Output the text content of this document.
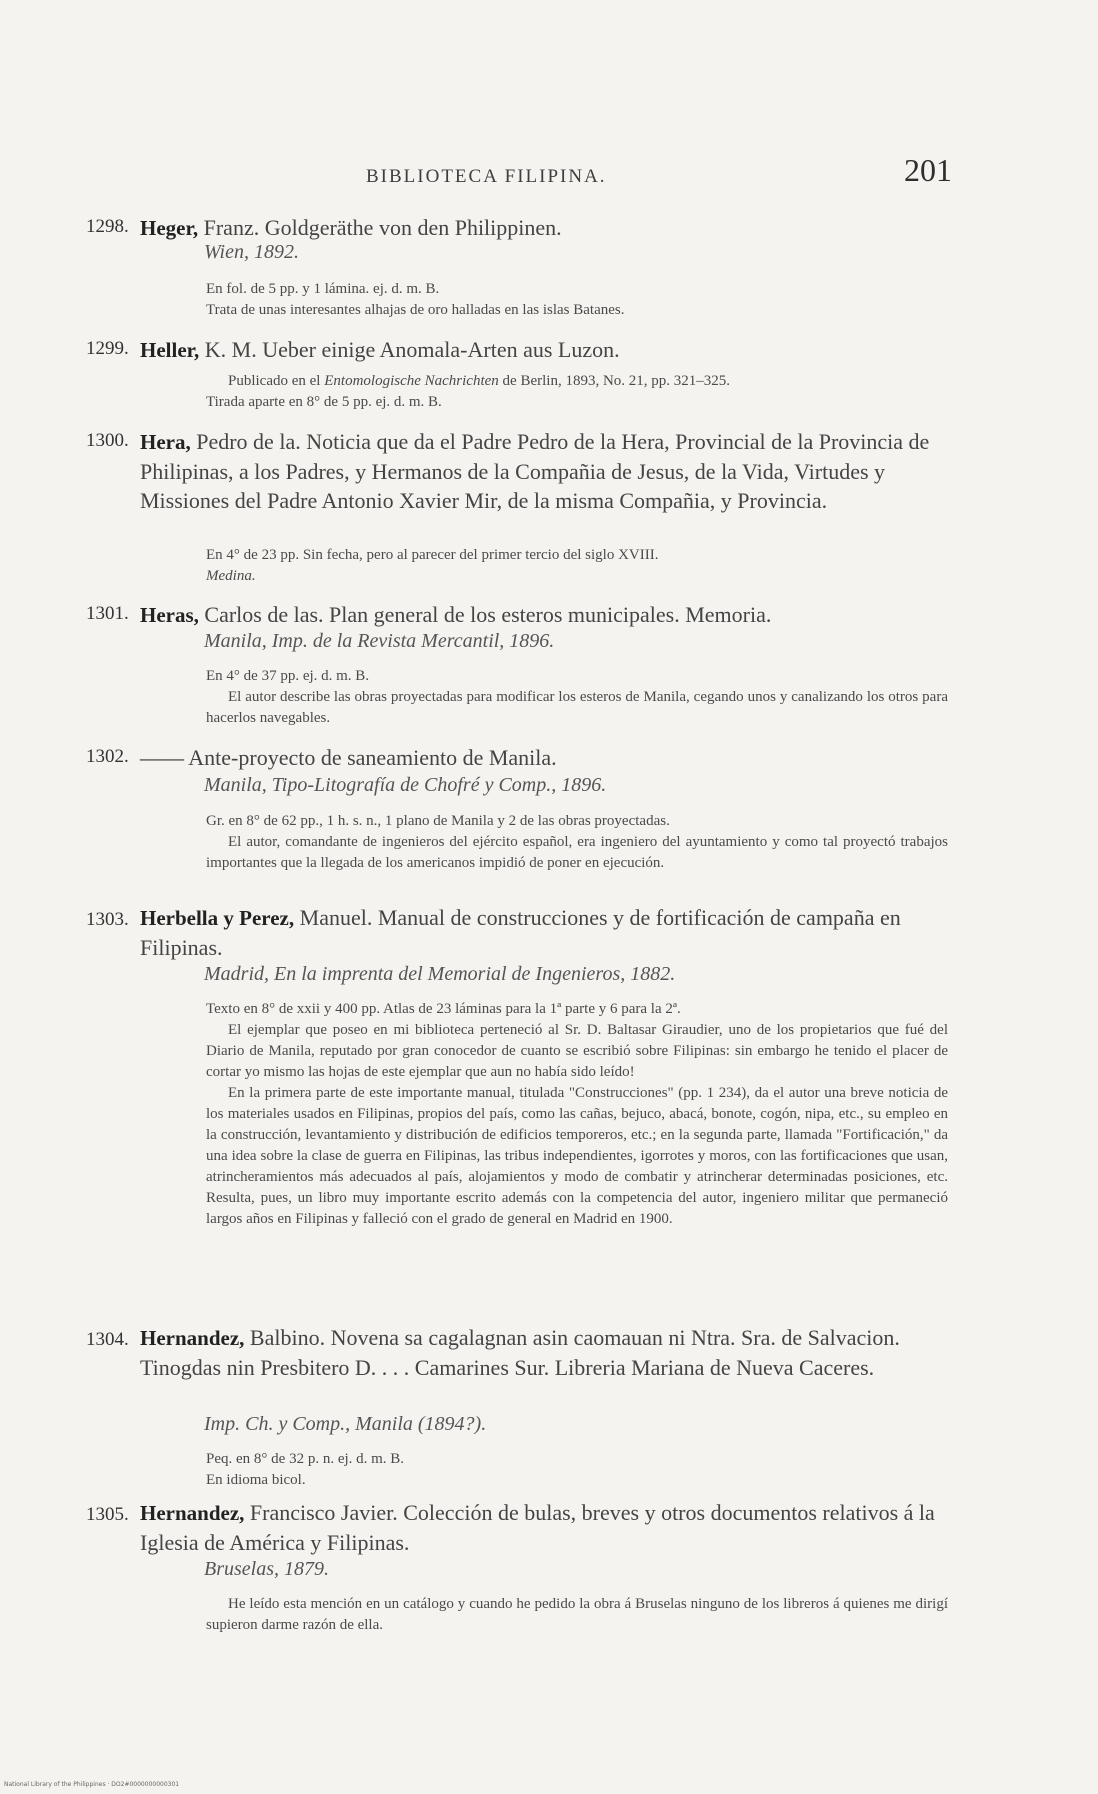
BIBLIOTECA FILIPINA.	201
1298. Heger, Franz. Goldgeräthe von den Philippinen.
Wien, 1892.

En fol. de 5 pp. y 1 lámina. ej. d. m. B.

Trata de unas interesantes alhajas de oro halladas en las islas Batanes.

1299. Heller, K. M. Ueber einige Anomala-Arten aus Luzon.

Publicado en el Entomologische Nachrichten de Berlin, 1893, No. 21, pp. 321–325.

Tirada aparte en 8° de 5 pp. ej. d. m. B.

1300. Hera, Pedro de la. Noticia que da el Padre Pedro de la Hera, Provincial de la Provincia de Philipinas, a los Padres, y Hermanos de la Compañia de Jesus, de la Vida, Virtudes y Missiones del Padre Antonio Xavier Mir, de la misma Compañia, y Provincia.

En 4° de 23 pp. Sin fecha, pero al parecer del primer tercio del siglo XVIII.

Medina.

1301. Heras, Carlos de las. Plan general de los esteros municipales. Memoria.
Manila, Imp. de la Revista Mercantil, 1896.

En 4° de 37 pp. ej. d. m. B.

El autor describe las obras proyectadas para modificar los esteros de Manila, cegando unos y canalizando los otros para hacerlos navegables.

1302. —— Ante-proyecto de saneamiento de Manila.
Manila, Tipo-Litografía de Chofré y Comp., 1896.

Gr. en 8° de 62 pp., 1 h. s. n., 1 plano de Manila y 2 de las obras proyectadas.

El autor, comandante de ingenieros del ejército español, era ingeniero del ayuntamiento y como tal proyectó trabajos importantes que la llegada de los americanos impidió de poner en ejecución.

1303. Herbella y Perez, Manuel. Manual de construcciones y de fortificación de campaña en Filipinas.
Madrid, En la imprenta del Memorial de Ingenieros, 1882.

Texto en 8° de xxii y 400 pp. Atlas de 23 láminas para la 1ª parte y 6 para la 2ª.

El ejemplar que poseo en mi biblioteca perteneció al Sr. D. Baltasar Giraudier, uno de los propietarios que fué del Diario de Manila, reputado por gran conocedor de cuanto se escribió sobre Filipinas: sin embargo he tenido el placer de cortar yo mismo las hojas de este ejemplar que aun no había sido leído!

En la primera parte de este importante manual, titulada "Construcciones" (pp. 1 234), da el autor una breve noticia de los materiales usados en Filipinas, propios del país, como las cañas, bejuco, abacá, bonote, cogón, nipa, etc., su empleo en la construcción, levantamiento y distribución de edificios temporeros, etc.; en la segunda parte, llamada "Fortificación," da una idea sobre la clase de guerra en Filipinas, las tribus independientes, igorrotes y moros, con las fortificaciones que usan, atrincheramientos más adecuados al país, alojamientos y modo de combatir y atrincherar determinadas posiciones, etc. Resulta, pues, un libro muy importante escrito además con la competencia del autor, ingeniero militar que permaneció largos años en Filipinas y falleció con el grado de general en Madrid en 1900.

1304. Hernandez, Balbino. Novena sa cagalagnan asin caomauan ni Ntra. Sra. de Salvacion. Tinogdas nin Presbitero D. . . . Camarines Sur. Libreria Mariana de Nueva Caceres.
Imp. Ch. y Comp., Manila (1894?).

Peq. en 8° de 32 p. n. ej. d. m. B.

En idioma bicol.

1305. Hernandez, Francisco Javier. Colección de bulas, breves y otros documentos relativos á la Iglesia de América y Filipinas.
Bruselas, 1879.

He leído esta mención en un catálogo y cuando he pedido la obra á Bruselas ninguno de los libreros á quienes me dirigí supieron darme razón de ella.

National Library of the Philippines · DO2#0000000000301
